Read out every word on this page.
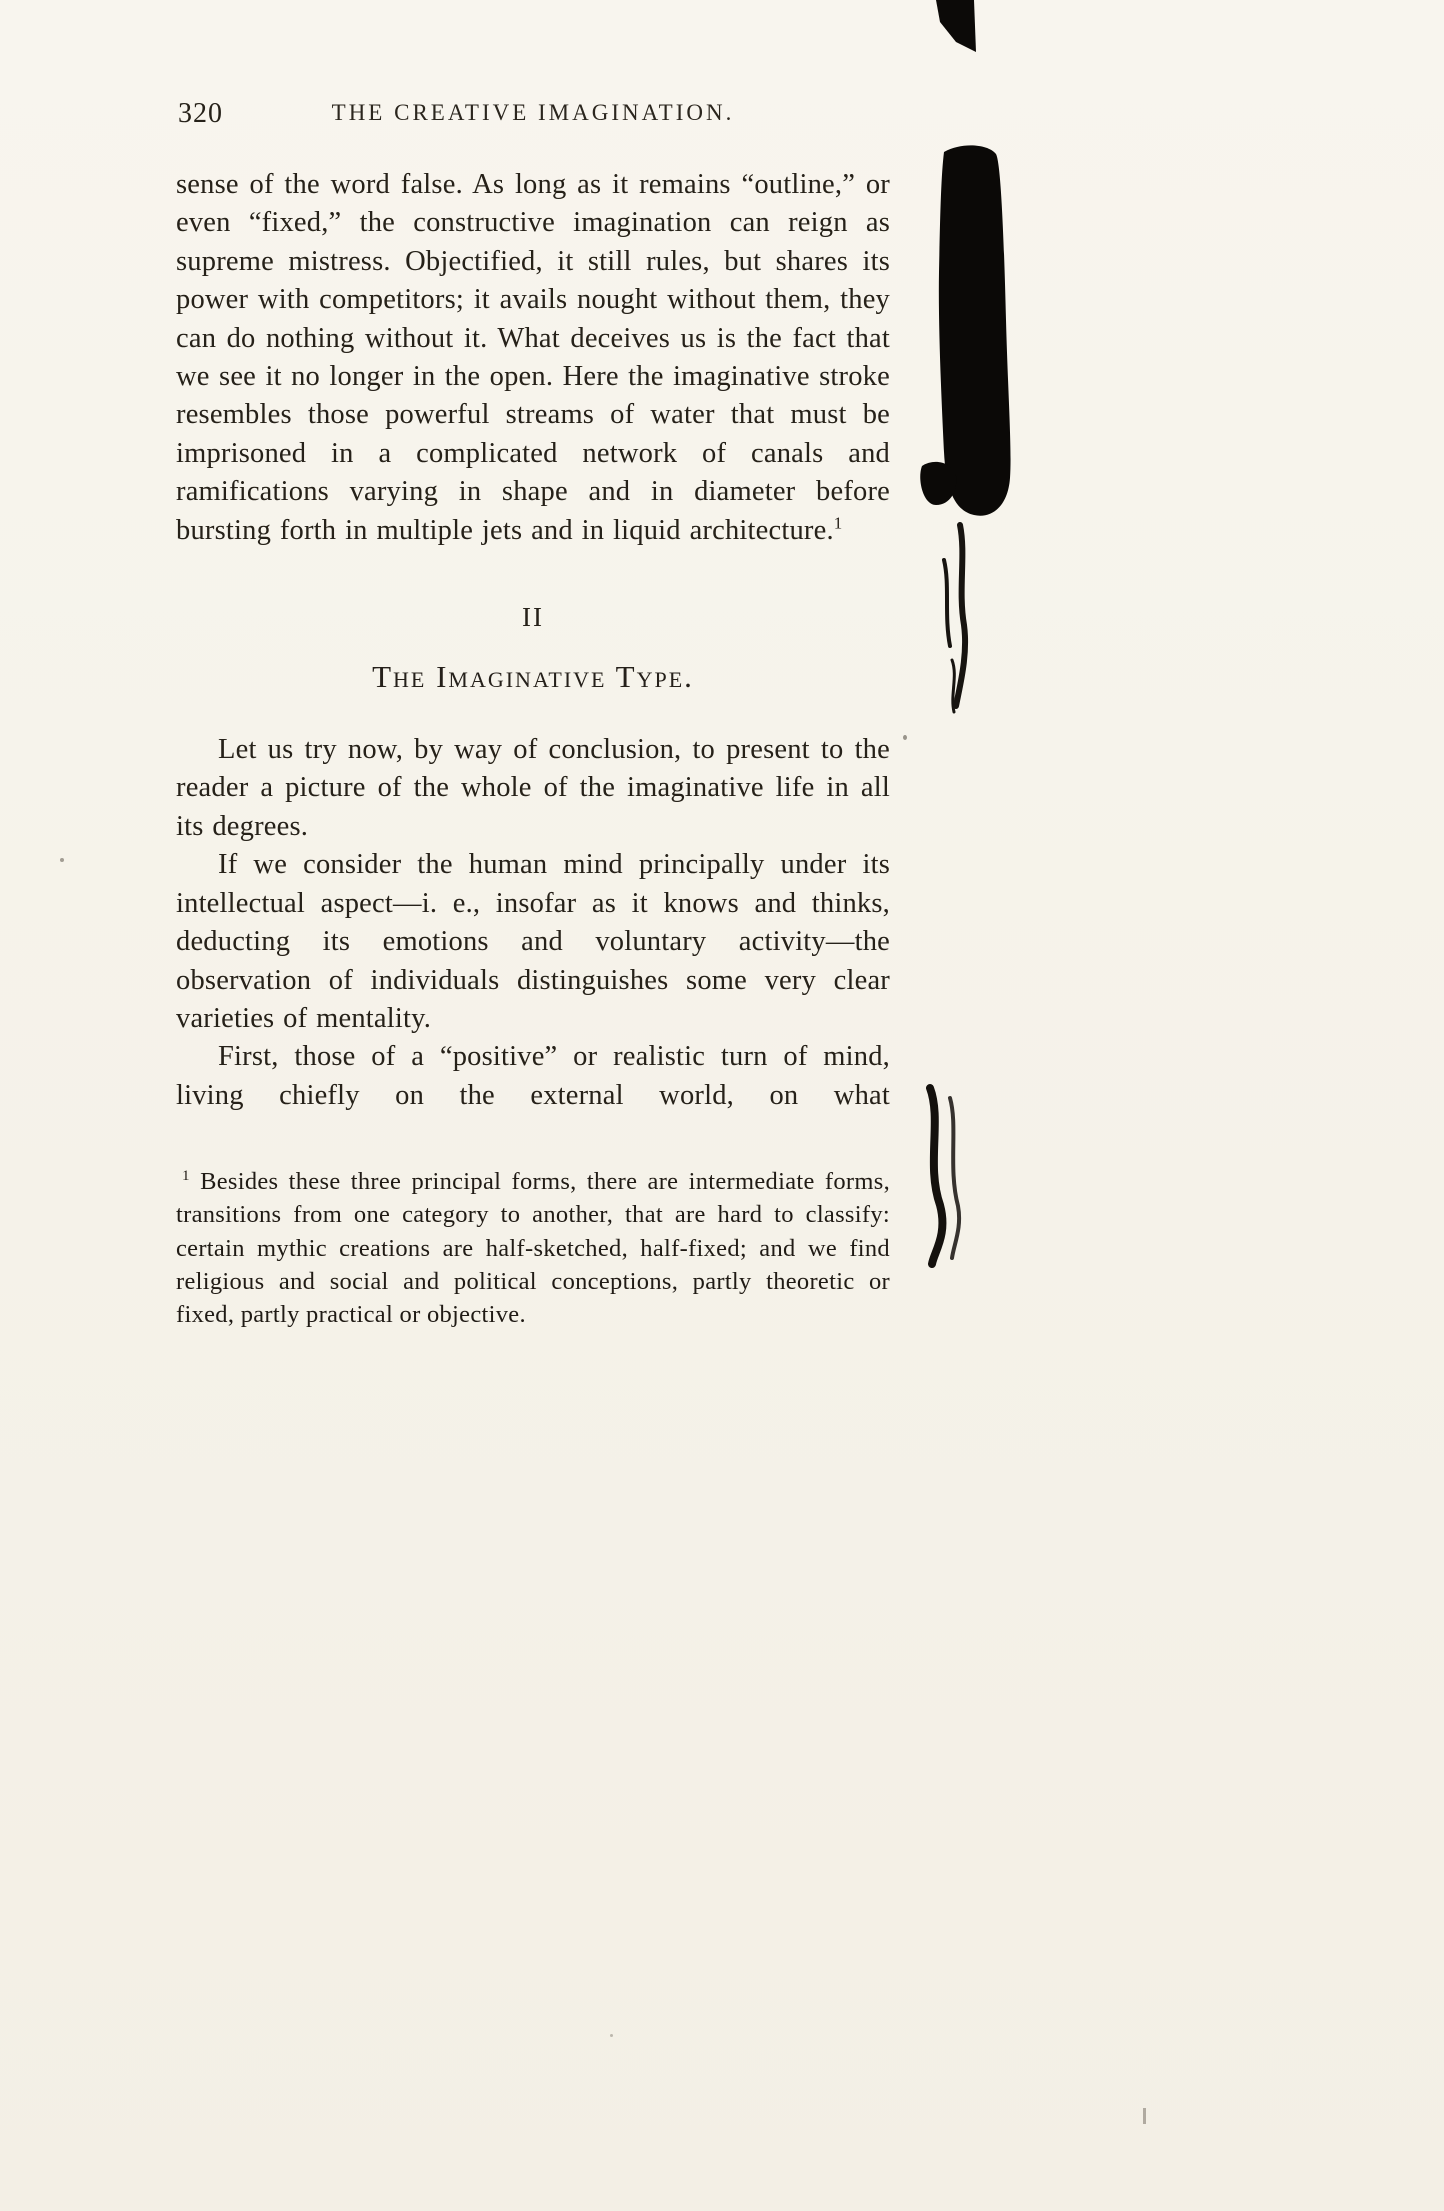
320	THE CREATIVE IMAGINATION.

sense of the word false. As long as it remains “outline,” or even “fixed,” the constructive imagination can reign as supreme mistress. Objectified, it still rules, but shares its power with competitors; it avails nought without them, they can do nothing without it. What deceives us is the fact that we see it no longer in the open. Here the imaginative stroke resembles those powerful streams of water that must be imprisoned in a complicated network of canals and ramifications varying in shape and in diameter before bursting forth in multiple jets and in liquid architecture.$^1$

II
The Imaginative Type.

Let us try now, by way of conclusion, to present to the reader a picture of the whole of the imaginative life in all its degrees.

If we consider the human mind principally under its intellectual aspect—i. e., insofar as it knows and thinks, deducting its emotions and voluntary activity—the observation of individuals distinguishes some very clear varieties of mentality.

First, those of a “positive” or realistic turn of mind, living chiefly on the external world, on what

$^1$ Besides these three principal forms, there are intermediate forms, transitions from one category to another, that are hard to classify: certain mythic creations are half-sketched, half-fixed; and we find religious and social and political conceptions, partly theoretic or fixed, partly practical or objective.
